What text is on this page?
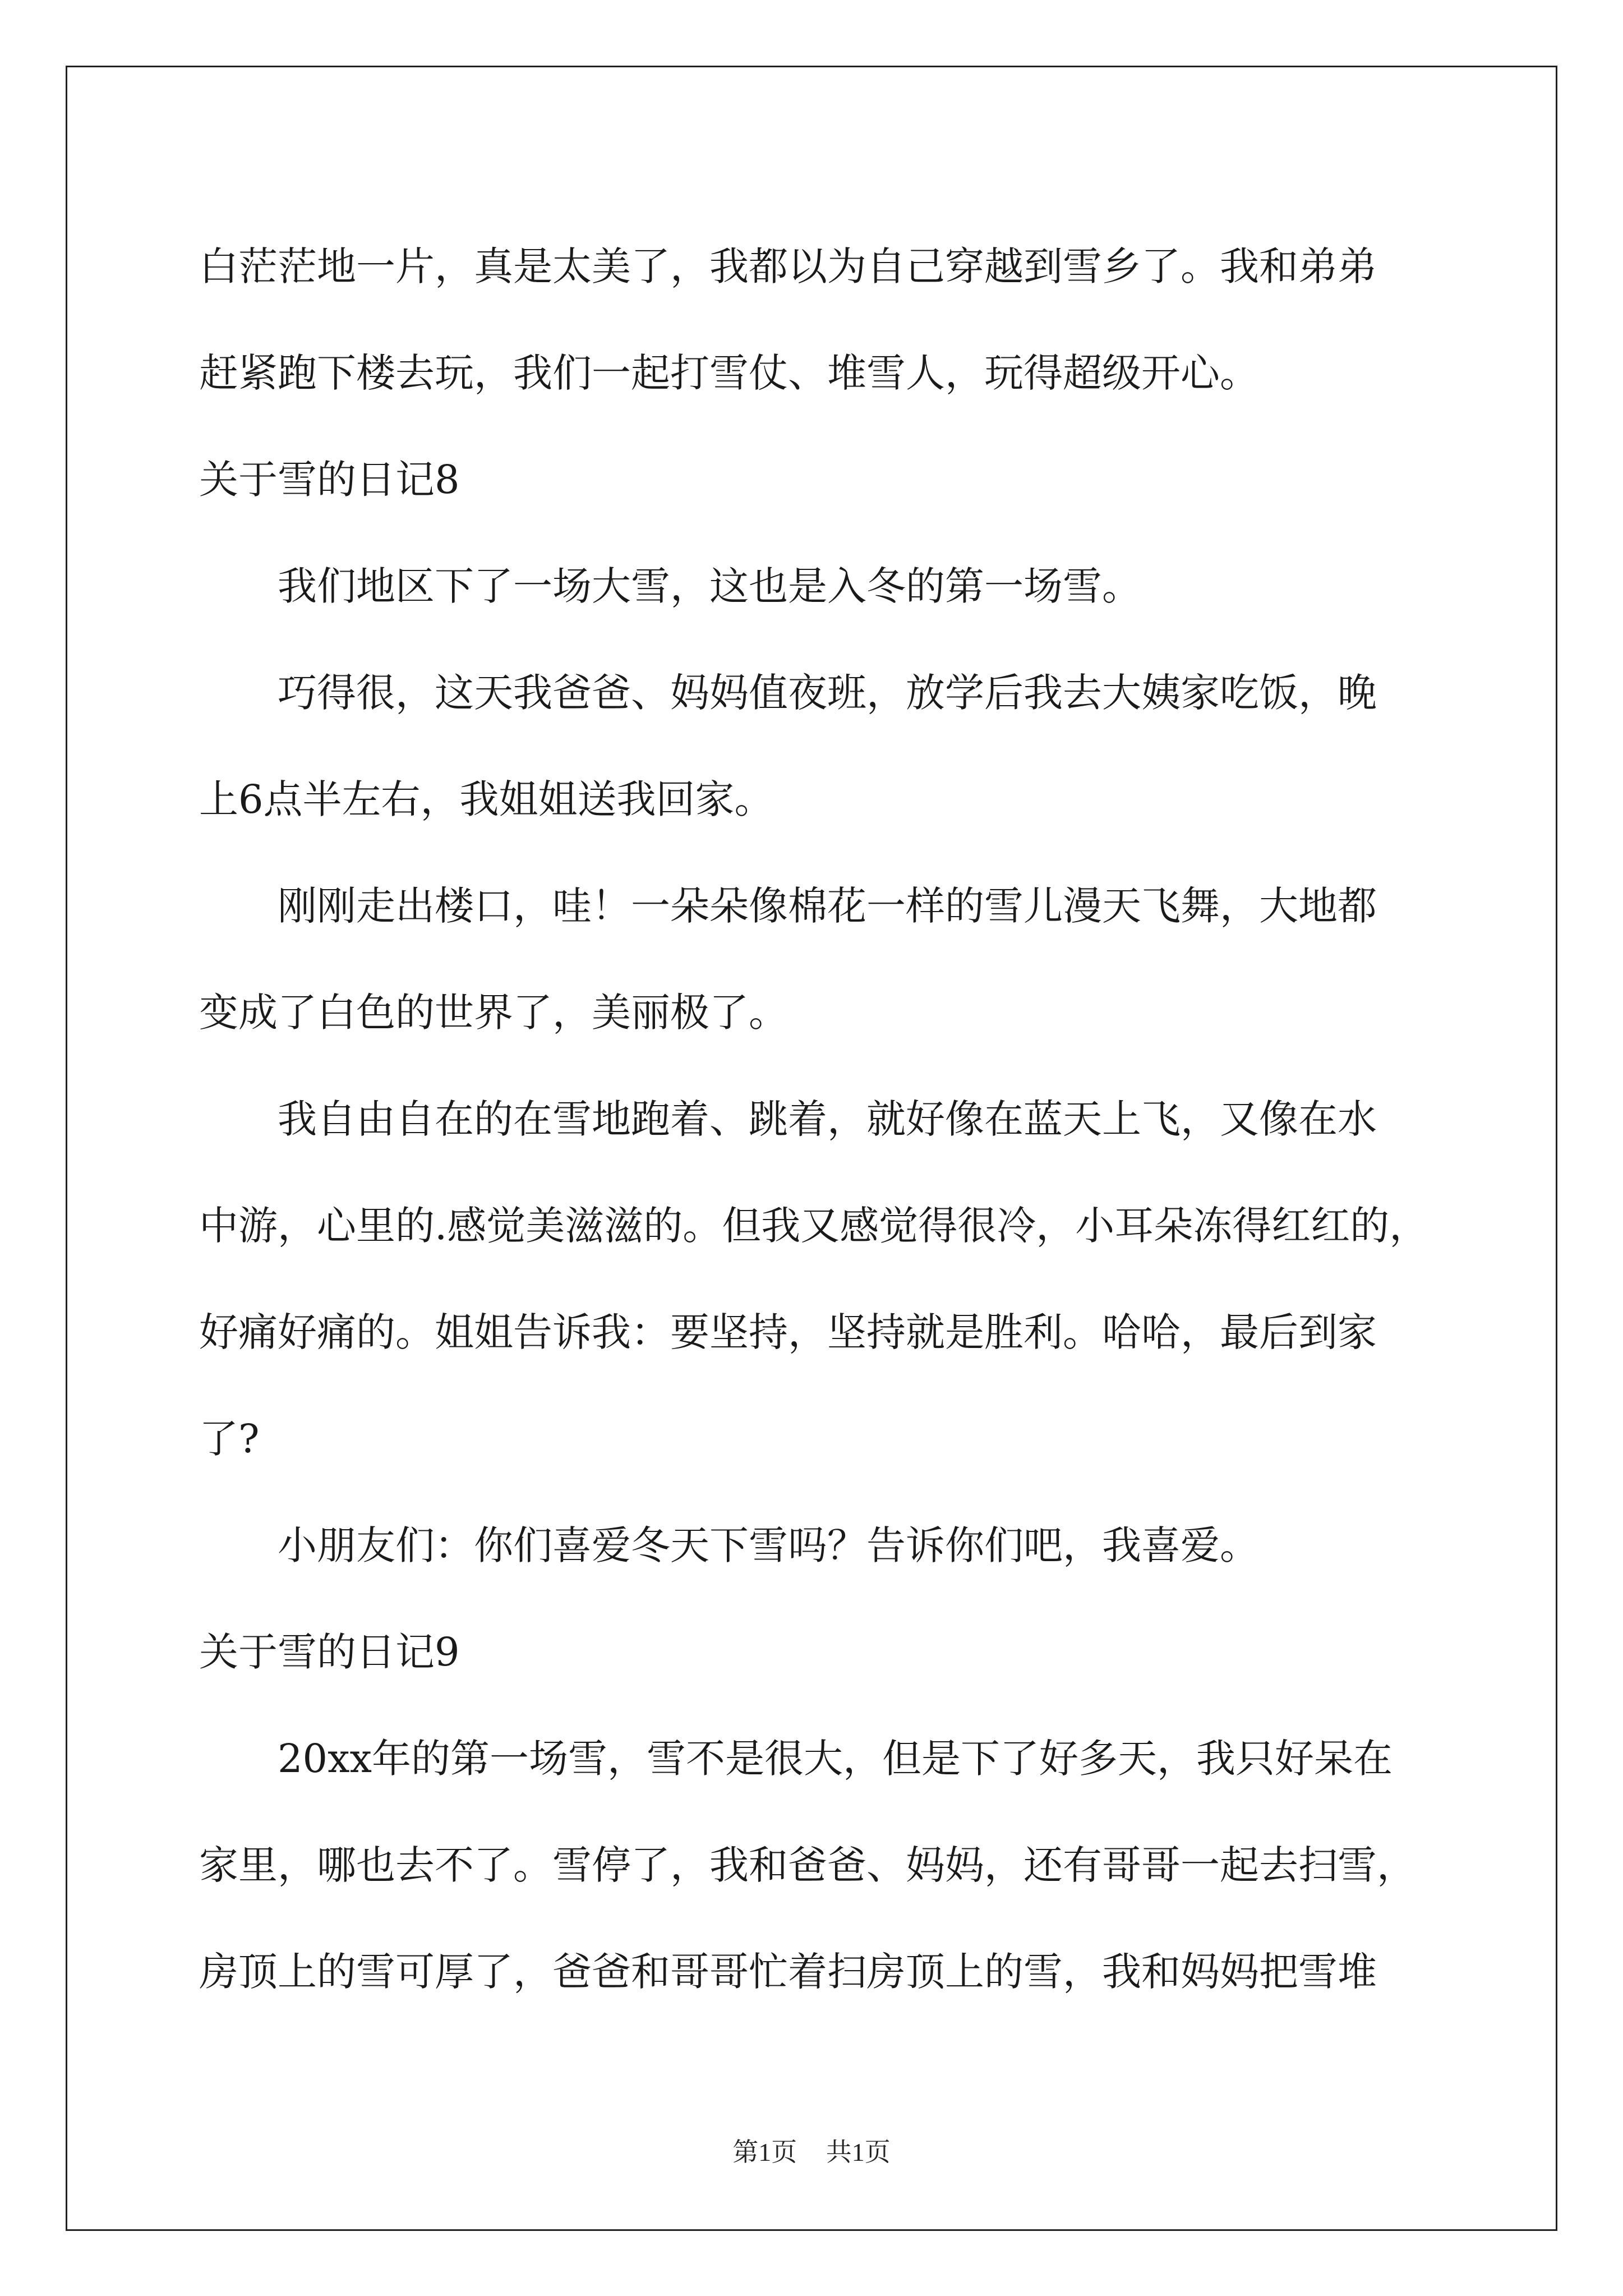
白茫茫地一片，真是太美了，我都以为自己穿越到雪乡了。我和弟弟
赶紧跑下楼去玩，我们一起打雪仗、堆雪人，玩得超级开心。
关于雪的日记8
我们地区下了一场大雪，这也是入冬的第一场雪。
巧得很，这天我爸爸、妈妈值夜班，放学后我去大姨家吃饭，晚
上6点半左右，我姐姐送我回家。
刚刚走出楼口，哇！一朵朵像棉花一样的雪儿漫天飞舞，大地都
变成了白色的世界了，美丽极了。
我自由自在的在雪地跑着、跳着，就好像在蓝天上飞，又像在水
中游，心里的.感觉美滋滋的。但我又感觉得很冷，小耳朵冻得红红的，
好痛好痛的。姐姐告诉我：要坚持，坚持就是胜利。哈哈，最后到家
了?
小朋友们：你们喜爱冬天下雪吗？告诉你们吧，我喜爱。
关于雪的日记9
20xx年的第一场雪，雪不是很大，但是下了好多天，我只好呆在
家里，哪也去不了。雪停了，我和爸爸、妈妈，还有哥哥一起去扫雪，
房顶上的雪可厚了，爸爸和哥哥忙着扫房顶上的雪，我和妈妈把雪堆
第1页 共1页
